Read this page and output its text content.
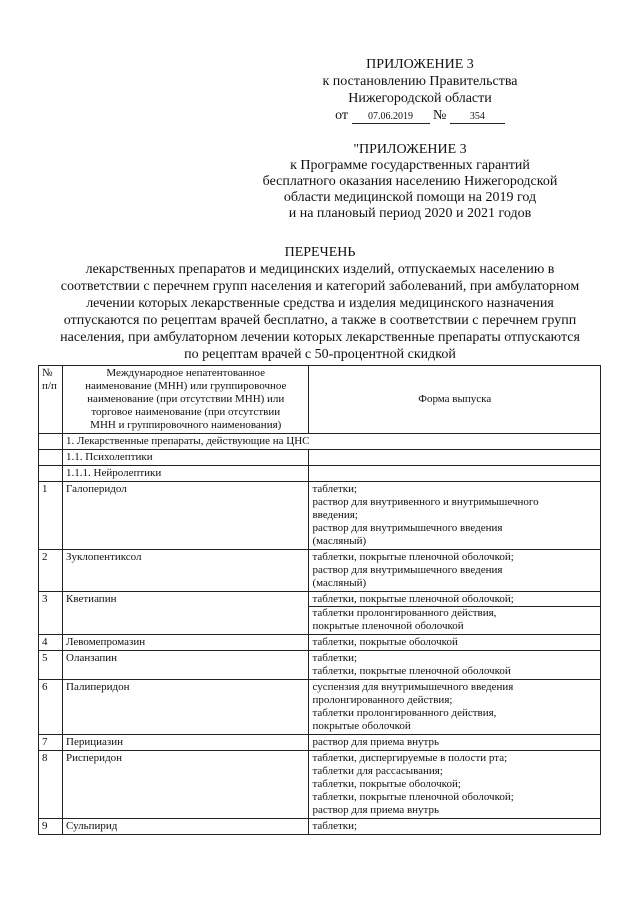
ПРИЛОЖЕНИЕ 3
к постановлению Правительства
Нижегородской области
от 07.06.2019 № 354
"ПРИЛОЖЕНИЕ 3
к Программе государственных гарантий
бесплатного оказания населению Нижегородской
области медицинской помощи на 2019 год
и на плановый период 2020 и 2021 годов
ПЕРЕЧЕНЬ
лекарственных препаратов и медицинских изделий, отпускаемых населению в
соответствии с перечнем групп населения и категорий заболеваний, при амбулаторном
лечении которых лекарственные средства и изделия медицинского назначения
отпускаются по рецептам врачей бесплатно, а также в соответствии с перечнем групп
населения, при амбулаторном лечении которых лекарственные препараты отпускаются
по рецептам врачей с 50-процентной скидкой
№
п/п	Международное непатентованное
наименование (МНН) или группировочное
наименование (при отсутствии МНН) или
торговое наименование (при отсутствии
МНН и группировочного наименования)	Форма выпуска
	1. Лекарственные препараты, действующие на ЦНС	
	1.1. Психолептики	
	1.1.1. Нейролептики	
1	Галоперидол	таблетки;
раствор для внутривенного и внутримышечного
введения;
раствор для внутримышечного введения
(масляный)

2	Зуклопентиксол	таблетки, покрытые пленочной оболочкой;
раствор для внутримышечного введения
(масляный)

3	Кветиапин	таблетки, покрытые пленочной оболочкой;
таблетки пролонгированного действия,
покрытые пленочной оболочкой

4	Левомепромазин	таблетки, покрытые оболочкой

5	Оланзапин	таблетки;
таблетки, покрытые пленочной оболочкой

6	Палиперидон	суспензия для внутримышечного введения
пролонгированного действия;
таблетки пролонгированного действия,
покрытые оболочкой

7	Перициазин	раствор для приема внутрь

8	Рисперидон	таблетки, диспергируемые в полости рта;
таблетки для рассасывания;
таблетки, покрытые оболочкой;
таблетки, покрытые пленочной оболочкой;
раствор для приема внутрь

9	Сульпирид	таблетки;
